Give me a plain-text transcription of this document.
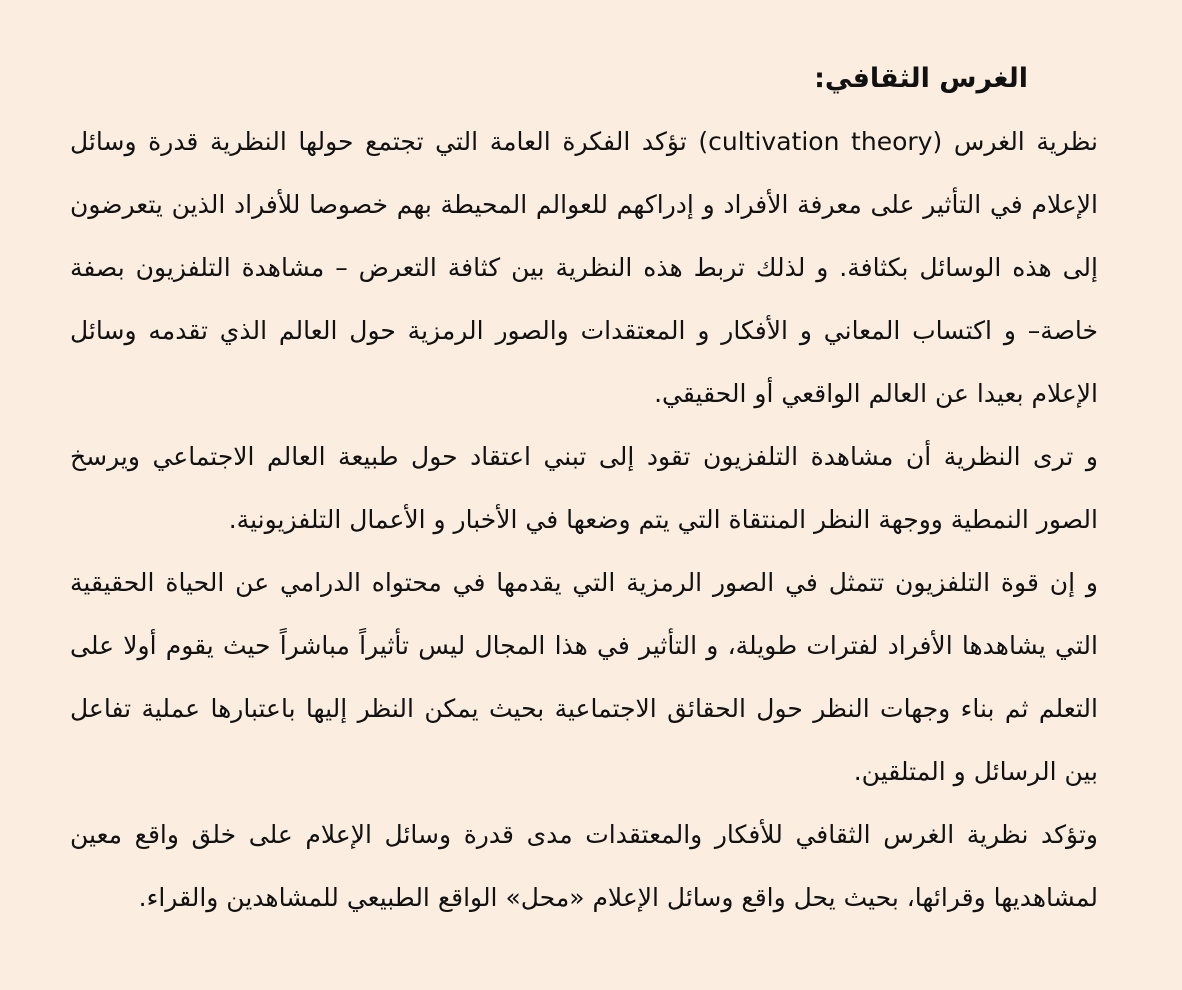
الغرس الثقافي:

نظرية الغرس (cultivation theory) تؤكد الفكرة العامة التي تجتمع حولها النظرية قدرة وسائل الإعلام في التأثير على معرفة الأفراد و إدراكهم للعوالم المحيطة بهم خصوصا للأفراد الذين يتعرضون إلى هذه الوسائل بكثافة. و لذلك تربط هذه النظرية بين كثافة التعرض – مشاهدة التلفزيون بصفة خاصة– و اكتساب المعاني و الأفكار و المعتقدات والصور الرمزية حول العالم الذي تقدمه وسائل الإعلام بعيدا عن العالم الواقعي أو الحقيقي.

و ترى النظرية أن مشاهدة التلفزيون تقود إلى تبني اعتقاد حول طبيعة العالم الاجتماعي ويرسخ الصور النمطية ووجهة النظر المنتقاة التي يتم وضعها في الأخبار و الأعمال التلفزيونية.

و إن قوة التلفزيون تتمثل في الصور الرمزية التي يقدمها في محتواه الدرامي عن الحياة الحقيقية التي يشاهدها الأفراد لفترات طويلة، و التأثير في هذا المجال ليس تأثيراً مباشراً حيث يقوم أولا على التعلم ثم بناء وجهات النظر حول الحقائق الاجتماعية بحيث يمكن النظر إليها باعتبارها عملية تفاعل بين الرسائل و المتلقين.

وتؤكد نظرية الغرس الثقافي للأفكار والمعتقدات مدى قدرة وسائل الإعلام على خلق واقع معين لمشاهديها وقرائها، بحيث يحل واقع وسائل الإعلام «محل» الواقع الطبيعي للمشاهدين والقراء.
